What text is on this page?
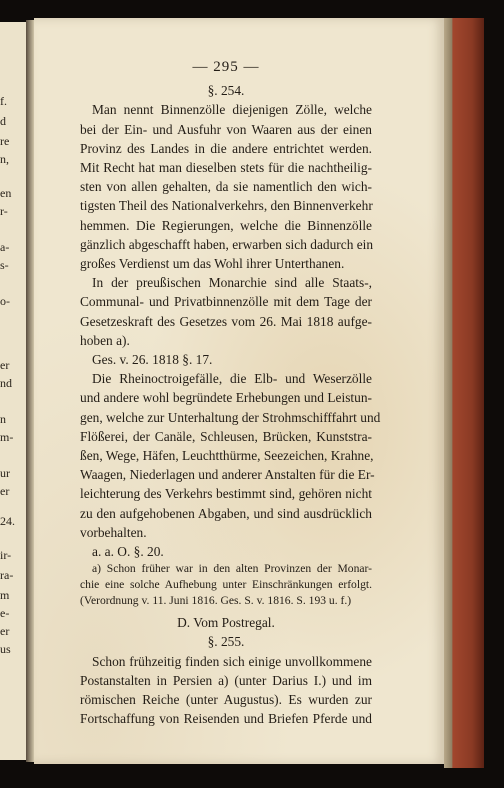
f.
d
re
n,
en
r-
a-
s-
o-
er
nd
n
m-
ur
er
24.
ir-
ra-
m
e-
er
us
— 295 —
§. 254.
Man nennt Binnenzölle diejenigen Zölle, welche
bei der Ein- und Ausfuhr von Waaren aus der einen
Provinz des Landes in die andere entrichtet werden.
Mit Recht hat man dieselben stets für die nachtheilig-
sten von allen gehalten, da sie namentlich den wich-
tigsten Theil des Nationalverkehrs, den Binnenverkehr
hemmen. Die Regierungen, welche die Binnenzölle
gänzlich abgeschafft haben, erwarben sich dadurch ein
großes Verdienst um das Wohl ihrer Unterthanen.
In der preußischen Monarchie sind alle Staats-,
Communal- und Privatbinnenzölle mit dem Tage der
Gesetzeskraft des Gesetzes vom 26. Mai 1818 aufge-
hoben a).
Ges. v. 26. 1818 §. 17.
Die Rheinoctroigefälle, die Elb- und Weserzölle
und andere wohl begründete Erhebungen und Leistun-
gen, welche zur Unterhaltung der Strohmschifffahrt und
Flößerei, der Canäle, Schleusen, Brücken, Kunststra-
ßen, Wege, Häfen, Leuchtthürme, Seezeichen, Krahne,
Waagen, Niederlagen und anderer Anstalten für die Er-
leichterung des Verkehrs bestimmt sind, gehören nicht
zu den aufgehobenen Abgaben, und sind ausdrücklich
vorbehalten.
a. a. O. §. 20.
a) Schon früher war in den alten Provinzen der Monar-
chie eine solche Aufhebung unter Einschränkungen erfolgt.
(Verordnung v. 11. Juni 1816. Ges. S. v. 1816. S. 193 u. f.)
D. Vom Postregal.
§. 255.
Schon frühzeitig finden sich einige unvollkommene
Postanstalten in Persien a) (unter Darius I.) und im
römischen Reiche (unter Augustus). Es wurden zur
Fortschaffung von Reisenden und Briefen Pferde und
